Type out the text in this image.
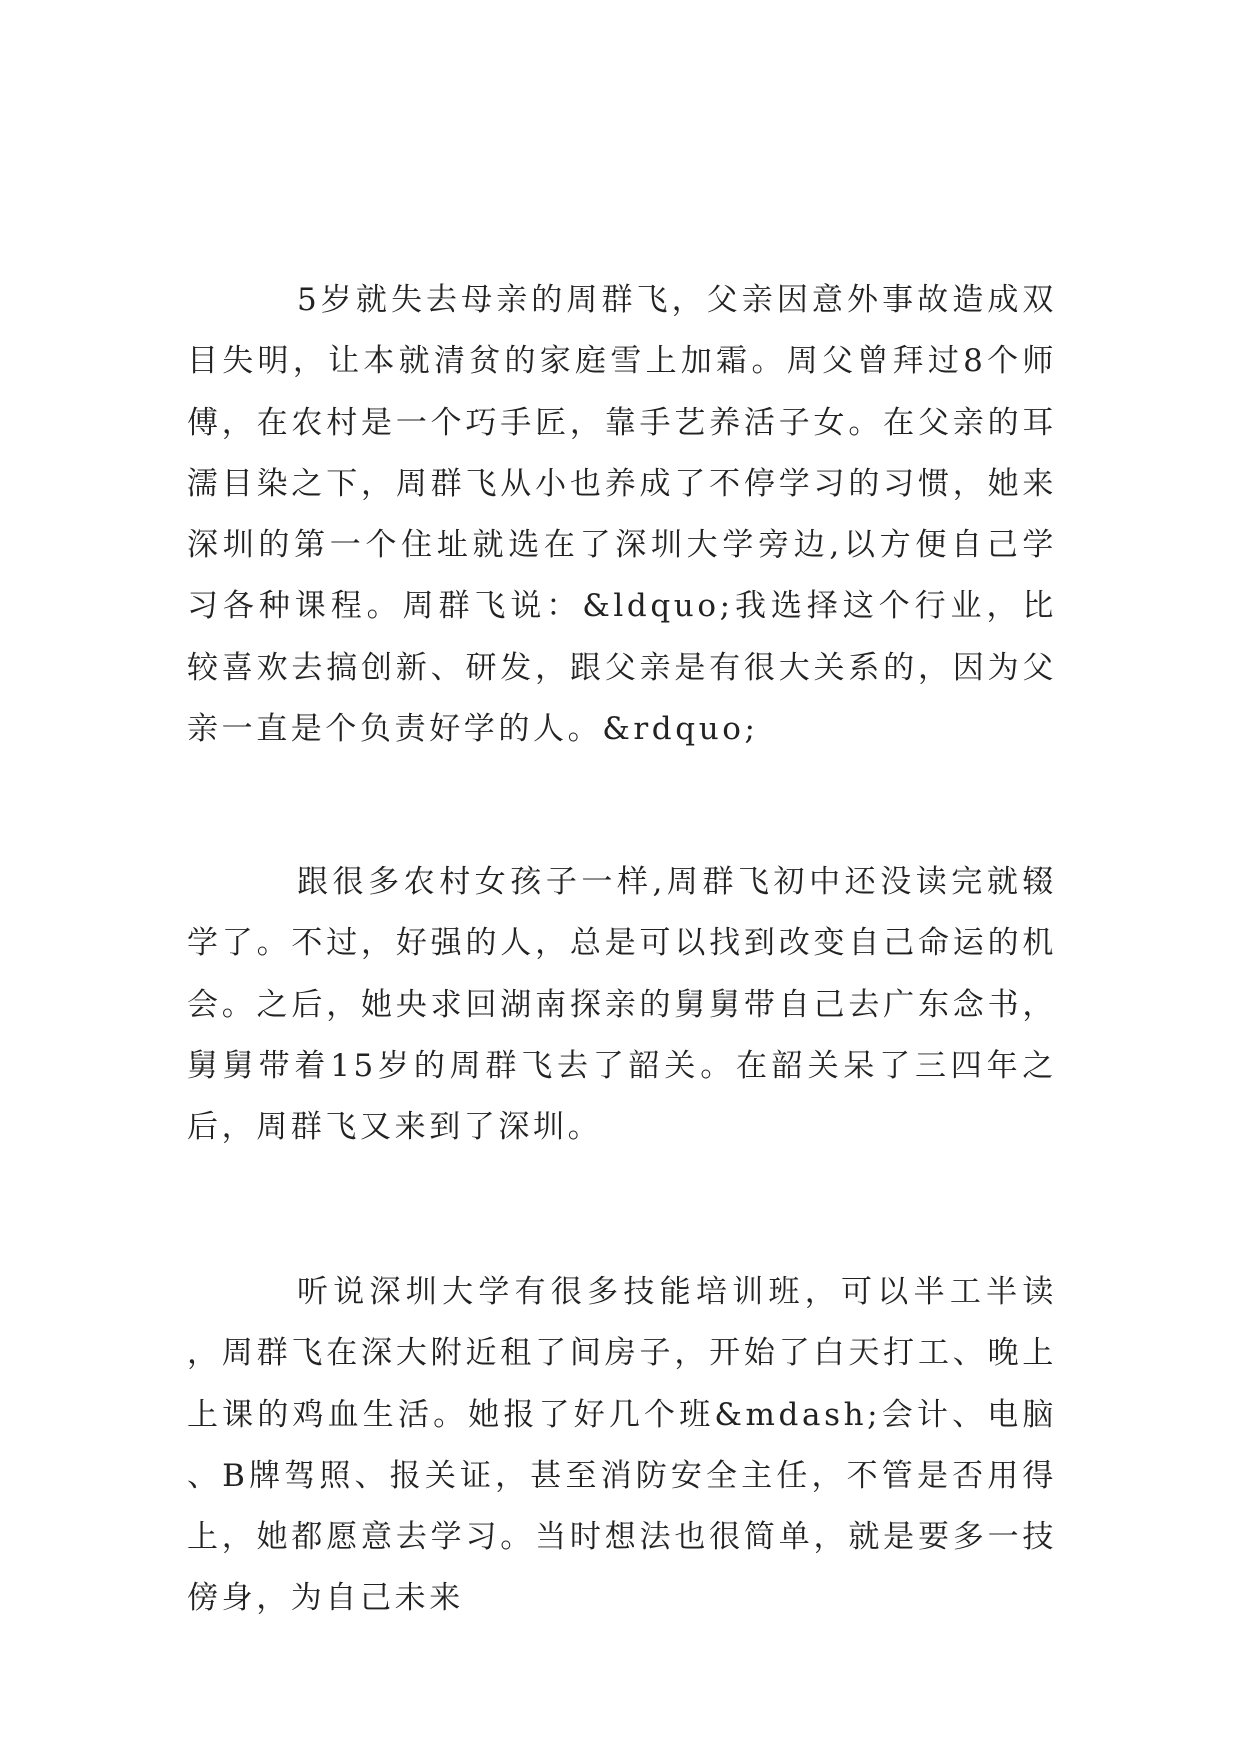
5岁就失去母亲的周群飞，父亲因意外事故造成双目失明，让本就清贫的家庭雪上加霜。周父曾拜过8个师傅，在农村是一个巧手匠，靠手艺养活子女。在父亲的耳濡目染之下，周群飞从小也养成了不停学习的习惯，她来深圳的第一个住址就选在了深圳大学旁边,以方便自己学习各种课程。周群飞说：&ldquo;我选择这个行业，比较喜欢去搞创新、研发，跟父亲是有很大关系的，因为父亲一直是个负责好学的人。&rdquo;

跟很多农村女孩子一样,周群飞初中还没读完就辍学了。不过，好强的人，总是可以找到改变自己命运的机会。之后，她央求回湖南探亲的舅舅带自己去广东念书，舅舅带着15岁的周群飞去了韶关。在韶关呆了三四年之后，周群飞又来到了深圳。

听说深圳大学有很多技能培训班，可以半工半读，周群飞在深大附近租了间房子，开始了白天打工、晚上上课的鸡血生活。她报了好几个班&mdash;会计、电脑、B牌驾照、报关证，甚至消防安全主任，不管是否用得上，她都愿意去学习。当时想法也很简单，就是要多一技傍身，为自己未来
